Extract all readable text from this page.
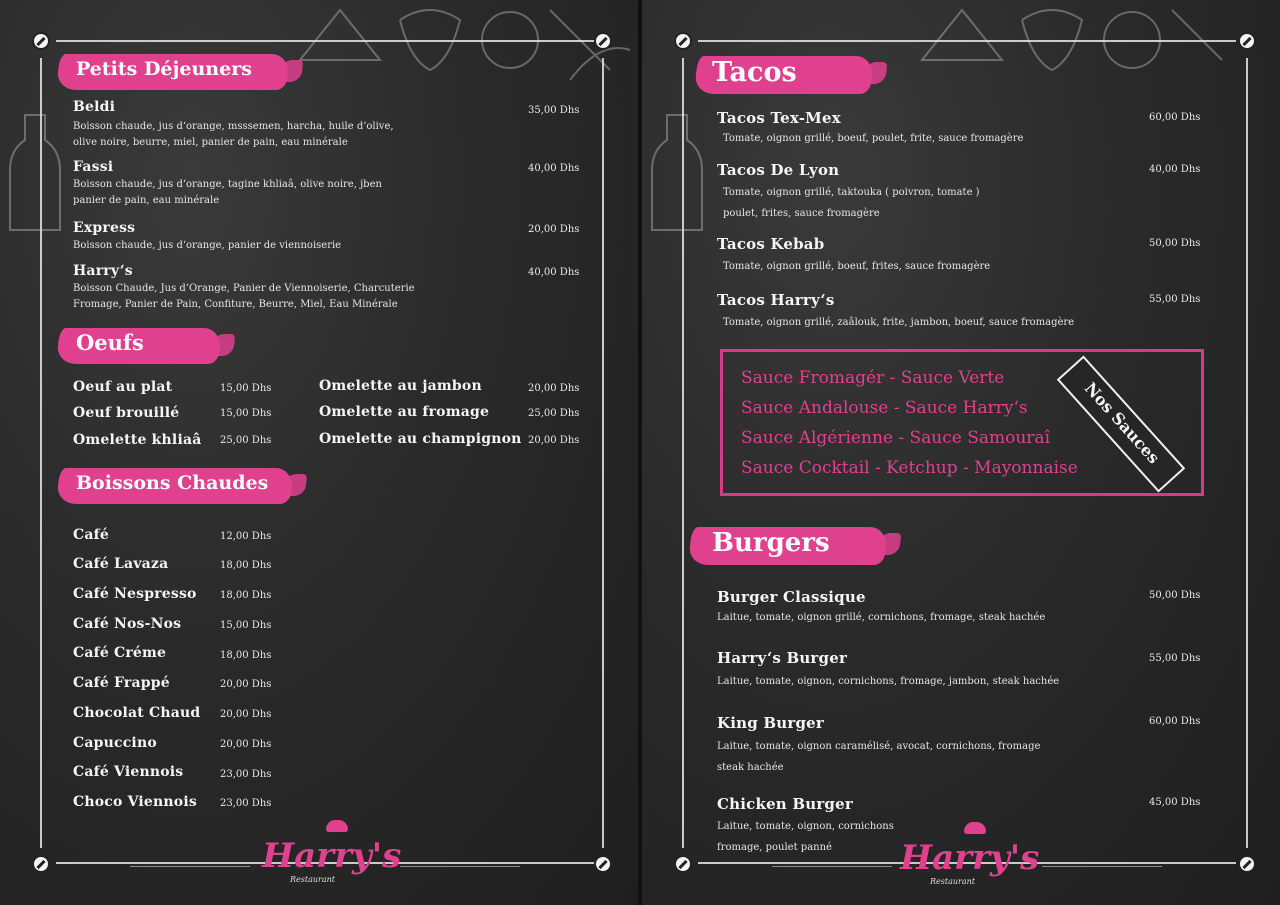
Petits Déjeuners
Beldi	35,00 Dhs
Boisson chaude, jus d‘orange, msssemen, harcha, huile d‘olive,
olive noire, beurre, miel, panier de pain, eau minérale
Fassi	40,00 Dhs
Boisson chaude, jus d‘orange, tagine khliaâ, olive noire, jben
panier de pain, eau minérale
Express	20,00 Dhs
Boisson chaude, jus d‘orange, panier de viennoiserie
Harry‘s	40,00 Dhs
Boisson Chaude, Jus d‘Orange, Panier de Viennoiserie, Charcuterie
Fromage, Panier de Pain, Confiture, Beurre, Miel, Eau Minérale
Oeufs
Oeuf au plat	15,00 Dhs
Oeuf brouillé	15,00 Dhs
Omelette khliaâ 25,00 Dhs
Omelette au jambon	20,00 Dhs
Omelette au fromage	25,00 Dhs
Omelette au champignon 20,00 Dhs
Boissons Chaudes
Café	12,00 Dhs
Café Lavaza	18,00 Dhs
Café Nespresso 18,00 Dhs
Café Nos-Nos	15,00 Dhs
Café Créme	18,00 Dhs
Café Frappé	20,00 Dhs
Chocolat Chaud 20,00 Dhs
Capuccino	20,00 Dhs
Café Viennois	23,00 Dhs
Choco Viennois 23,00 Dhs
Harry's
Restaurant
Tacos
Tacos Tex-Mex	60,00 Dhs
Tomate, oignon grillé, boeuf, poulet, frite, sauce fromagère
Tacos De Lyon	40,00 Dhs
Tomate, oignon grillé, taktouka ( poivron, tomate )
poulet, frites, sauce fromagère
Tacos Kebab	50,00 Dhs
Tomate, oignon grillé, boeuf, frites, sauce fromagère
Tacos Harry‘s	55,00 Dhs
Tomate, oignon grillé, zaâlouk, frite, jambon, boeuf, sauce fromagère
Sauce Fromagér - Sauce Verte
Sauce Andalouse - Sauce Harry‘s
Sauce Algérienne - Sauce Samouraî
Sauce Cocktail - Ketchup - Mayonnaise
Nos Sauces
Burgers
Burger Classique	50,00 Dhs
Laitue, tomate, oignon grillé, cornichons, fromage, steak hachée
Harry‘s Burger	55,00 Dhs
Laitue, tomate, oignon, cornichons, fromage, jambon, steak hachée
King Burger	60,00 Dhs
Laitue, tomate, oignon caramélisé, avocat, cornichons, fromage
steak hachée
Chicken Burger	45,00 Dhs
Laitue, tomate, oignon, cornichons
fromage, poulet panné Harry's
Restaurant
